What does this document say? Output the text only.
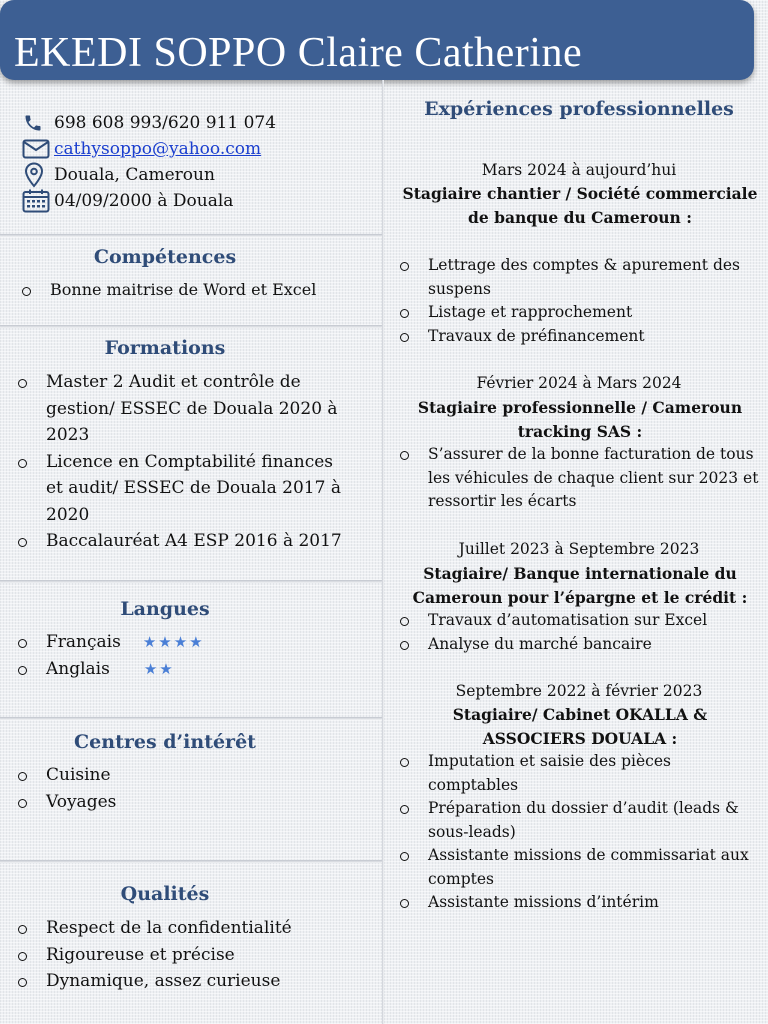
EKEDI SOPPO Claire Catherine
698 608 993/620 911 074
cathysoppo@yahoo.com
Douala, Cameroun
04/09/2000 à Douala
Compétences
Bonne maitrise de Word et Excel
Formations
Master 2 Audit et contrôle de gestion/ ESSEC de Douala 2020 à 2023
Licence en Comptabilité finances et audit/ ESSEC de Douala 2017 à 2020
Baccalauréat A4 ESP 2016 à 2017
Langues
Français ★★★★
Anglais ★★
Centres d’intérêt
Cuisine
Voyages
Qualités
Respect de la confidentialité
Rigoureuse et précise
Dynamique, assez curieuse
Expériences professionnelles
Mars 2024 à aujourd’hui
Stagiaire chantier / Société commerciale de banque du Cameroun :
Lettrage des comptes & apurement des suspens
Listage et rapprochement
Travaux de préfinancement
Février 2024 à Mars 2024
Stagiaire professionnelle / Cameroun tracking SAS :
S’assurer de la bonne facturation de tous les véhicules de chaque client sur 2023 et ressortir les écarts
Juillet 2023 à Septembre 2023
Stagiaire/ Banque internationale du Cameroun pour l’épargne et le crédit :
Travaux d’automatisation sur Excel
Analyse du marché bancaire
Septembre 2022 à février 2023
Stagiaire/ Cabinet OKALLA & ASSOCIERS DOUALA :
Imputation et saisie des pièces comptables
Préparation du dossier d’audit (leads & sous-leads)
Assistante missions de commissariat aux comptes
Assistante missions d’intérim
